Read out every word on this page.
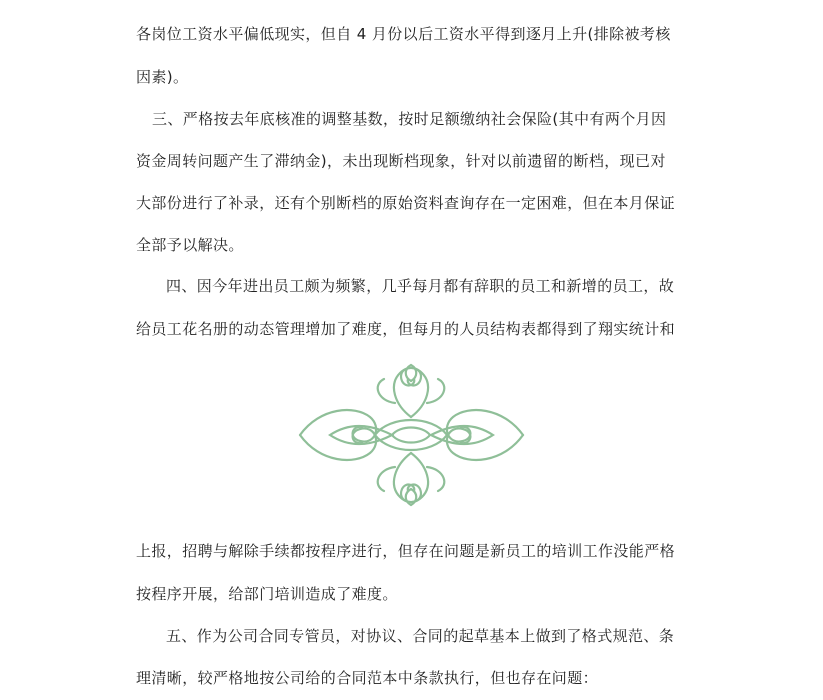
各岗位工资水平偏低现实，但自 4 月份以后工资水平得到逐月上升(排除被考核
因素)。
三、严格按去年底核准的调整基数，按时足额缴纳社会保险(其中有两个月因
资金周转问题产生了滞纳金)，未出现断档现象，针对以前遗留的断档，现已对
大部份进行了补录，还有个别断档的原始资料查询存在一定困难，但在本月保证
全部予以解决。
四、因今年进出员工颇为频繁，几乎每月都有辞职的员工和新增的员工，故
给员工花名册的动态管理增加了难度，但每月的人员结构表都得到了翔实统计和
上报，招聘与解除手续都按程序进行，但存在问题是新员工的培训工作没能严格
按程序开展，给部门培训造成了难度。
五、作为公司合同专管员，对协议、合同的起草基本上做到了格式规范、条
理清晰，较严格地按公司给的合同范本中条款执行，但也存在问题：
